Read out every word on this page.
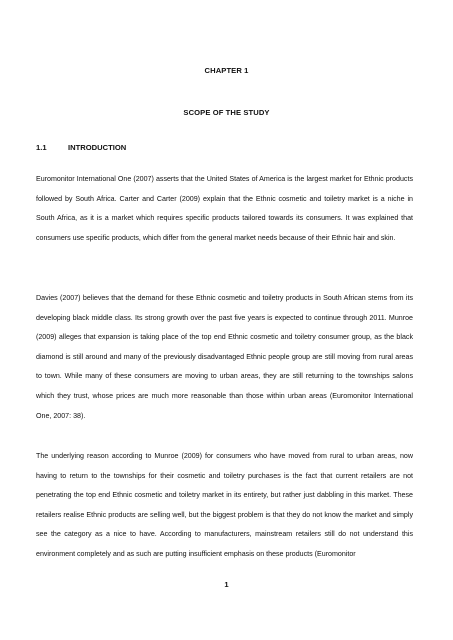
CHAPTER 1
SCOPE OF THE STUDY
1.1	INTRODUCTION

Euromonitor International One (2007) asserts that the United States of America is the largest market for Ethnic products followed by South Africa. Carter and Carter (2009) explain that the Ethnic cosmetic and toiletry market is a niche in South Africa, as it is a market which requires specific products tailored towards its consumers. It was explained that consumers use specific products, which differ from the general market needs because of their Ethnic hair and skin.

Davies (2007) believes that the demand for these Ethnic cosmetic and toiletry products in South African stems from its developing black middle class. Its strong growth over the past five years is expected to continue through 2011. Munroe (2009) alleges that expansion is taking place of the top end Ethnic cosmetic and toiletry consumer group, as the black diamond is still around and many of the previously disadvantaged Ethnic people group are still moving from rural areas to town. While many of these consumers are moving to urban areas, they are still returning to the townships salons which they trust, whose prices are much more reasonable than those within urban areas (Euromonitor International One, 2007: 38).

The underlying reason according to Munroe (2009) for consumers who have moved from rural to urban areas, now having to return to the townships for their cosmetic and toiletry purchases is the fact that current retailers are not penetrating the top end Ethnic cosmetic and toiletry market in its entirety, but rather just dabbling in this market. These retailers realise Ethnic products are selling well, but the biggest problem is that they do not know the market and simply see the category as a nice to have. According to manufacturers, mainstream retailers still do not understand this environment completely and as such are putting insufficient emphasis on these products (Euromonitor

1
